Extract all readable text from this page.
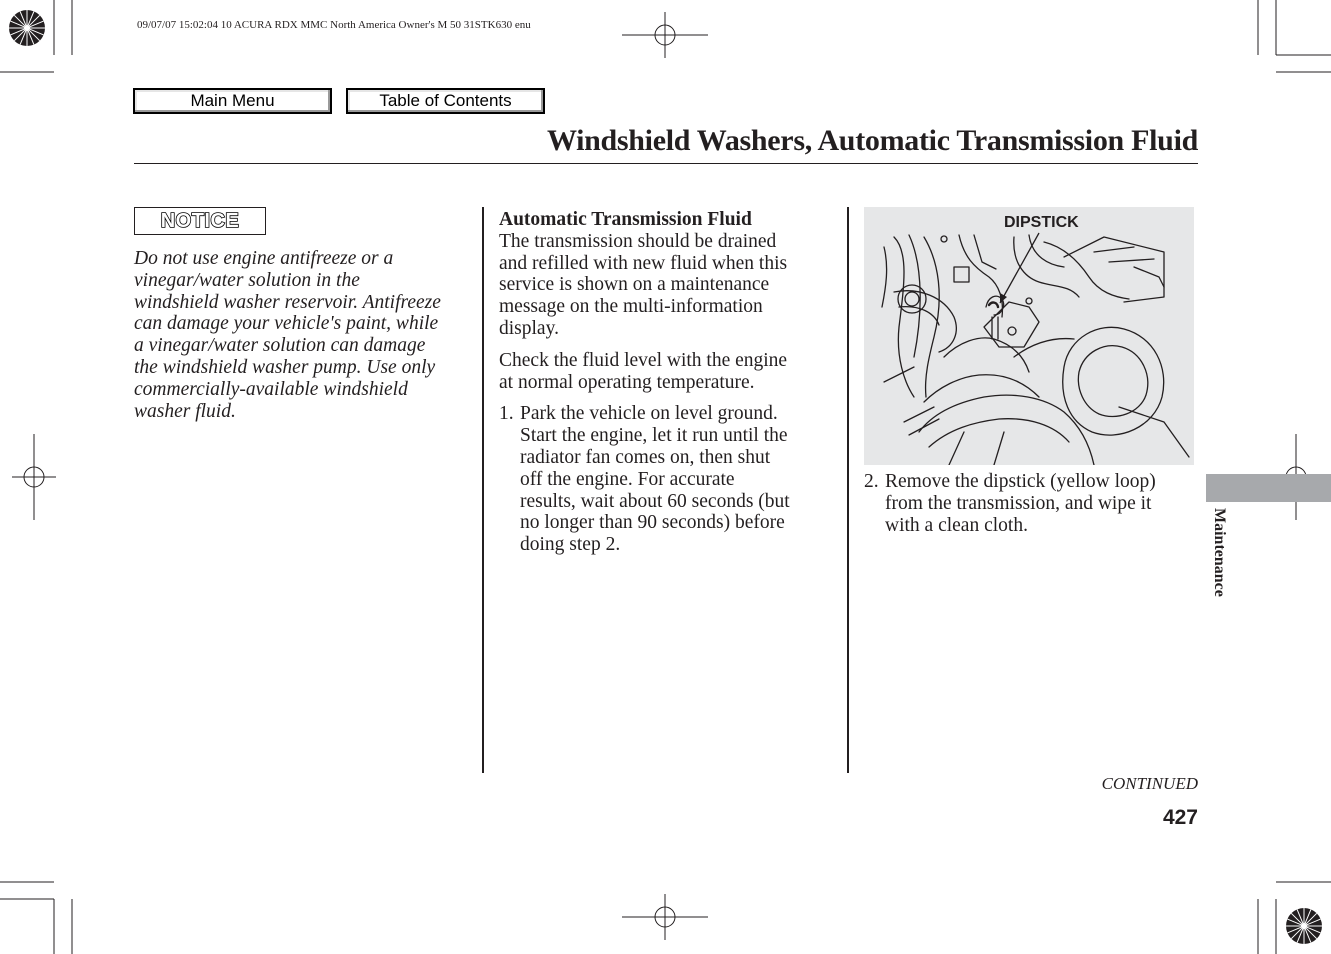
09/07/07 15:02:04 10 ACURA RDX MMC North America Owner's M 50 31STK630 enu
Main Menu	Table of Contents
Windshield Washers, Automatic Transmission Fluid
NOTICE
Do not use engine antifreeze or a
vinegar/water solution in the
windshield washer reservoir. Antifreeze
can damage your vehicle's paint, while
a vinegar/water solution can damage
the windshield washer pump. Use only
commercially-available windshield
washer fluid.
Automatic Transmission Fluid

The transmission should be drained
and refilled with new fluid when this
service is shown on a maintenance
message on the multi-information
display.

Check the fluid level with the engine
at normal operating temperature.

1. Park the vehicle on level ground.
Start the engine, let it run until the
radiator fan comes on, then shut
off the engine. For accurate
results, wait about 60 seconds (but
no longer than 90 seconds) before
doing step 2.
DIPSTICK
2. Remove the dipstick (yellow loop)
from the transmission, and wipe it
with a clean cloth.	Maintenance
CONTINUED
427
